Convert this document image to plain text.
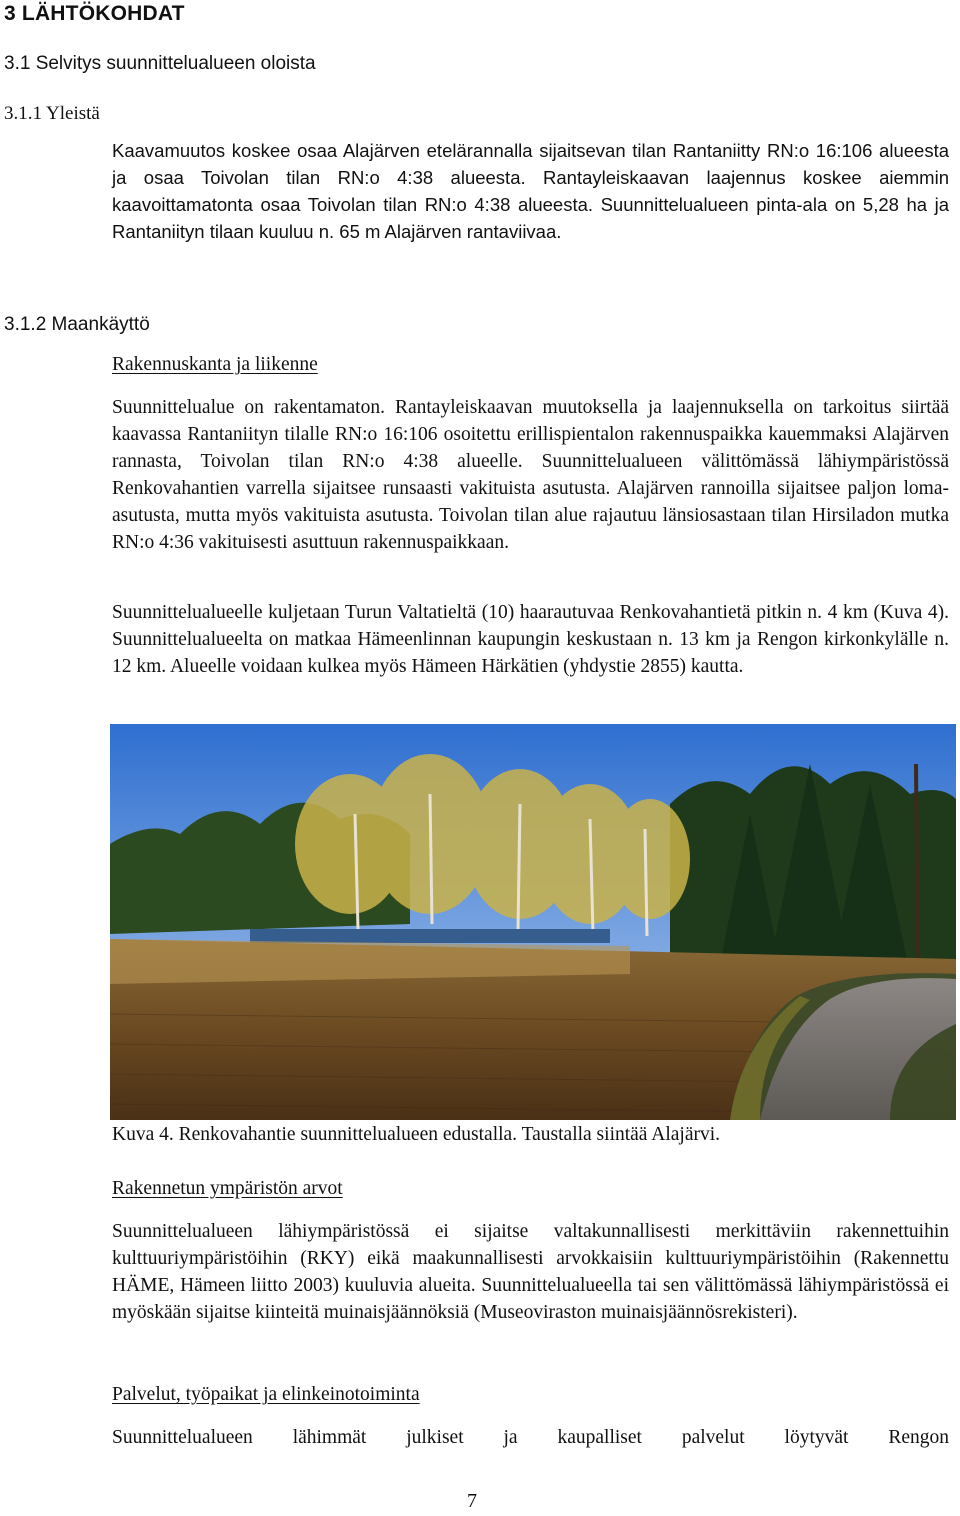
3 LÄHTÖKOHDAT
3.1 Selvitys suunnittelualueen oloista
3.1.1 Yleistä

Kaavamuutos koskee osaa Alajärven etelärannalla sijaitsevan tilan Rantaniitty RN:o 16:106 alueesta ja osaa Toivolan tilan RN:o 4:38 alueesta. Rantayleiskaavan laajennus koskee aiemmin kaavoittamatonta osaa Toivolan tilan RN:o 4:38 alueesta. Suunnittelualueen pinta-ala on 5,28 ha ja Rantaniityn tilaan kuuluu n. 65 m Alajärven rantaviivaa.

3.1.2 Maankäyttö
Rakennuskanta ja liikenne

Suunnittelualue on rakentamaton. Rantayleiskaavan muutoksella ja laajennuksella on tarkoitus siirtää kaavassa Rantaniityn tilalle RN:o 16:106 osoitettu erillispientalon rakennuspaikka kauemmaksi Alajärven rannasta, Toivolan tilan RN:o 4:38 alueelle. Suunnittelualueen välittömässä lähiympäristössä Renkovahantien varrella sijaitsee runsaasti vakituista asutusta. Alajärven rannoilla sijaitsee paljon loma-asutusta, mutta myös vakituista asutusta. Toivolan tilan alue rajautuu länsiosastaan tilan Hirsiladon mutka RN:o 4:36 vakituisesti asuttuun rakennuspaikkaan.

Suunnittelualueelle kuljetaan Turun Valtatieltä (10) haarautuvaa Renkovahantietä pitkin n. 4 km (Kuva 4). Suunnittelualueelta on matkaa Hämeenlinnan kaupungin keskustaan n. 13 km ja Rengon kirkonkylälle n. 12 km. Alueelle voidaan kulkea myös Hämeen Härkätien (yhdystie 2855) kautta.

Kuva 4. Renkovahantie suunnittelualueen edustalla. Taustalla siintää Alajärvi.
Rakennetun ympäristön arvot

Suunnittelualueen lähiympäristössä ei sijaitse valtakunnallisesti merkittäviin rakennettuihin kulttuuriympäristöihin (RKY) eikä maakunnallisesti arvokkaisiin kulttuuriympäristöihin (Rakennettu HÄME, Hämeen liitto 2003) kuuluvia alueita. Suunnittelualueella tai sen välittömässä lähiympäristössä ei myöskään sijaitse kiinteitä muinaisjäännöksiä (Museoviraston muinaisjäännösrekisteri).

Palvelut, työpaikat ja elinkeinotoiminta

Suunnittelualueen lähimmät julkiset ja kaupalliset palvelut löytyvät Rengon

7
